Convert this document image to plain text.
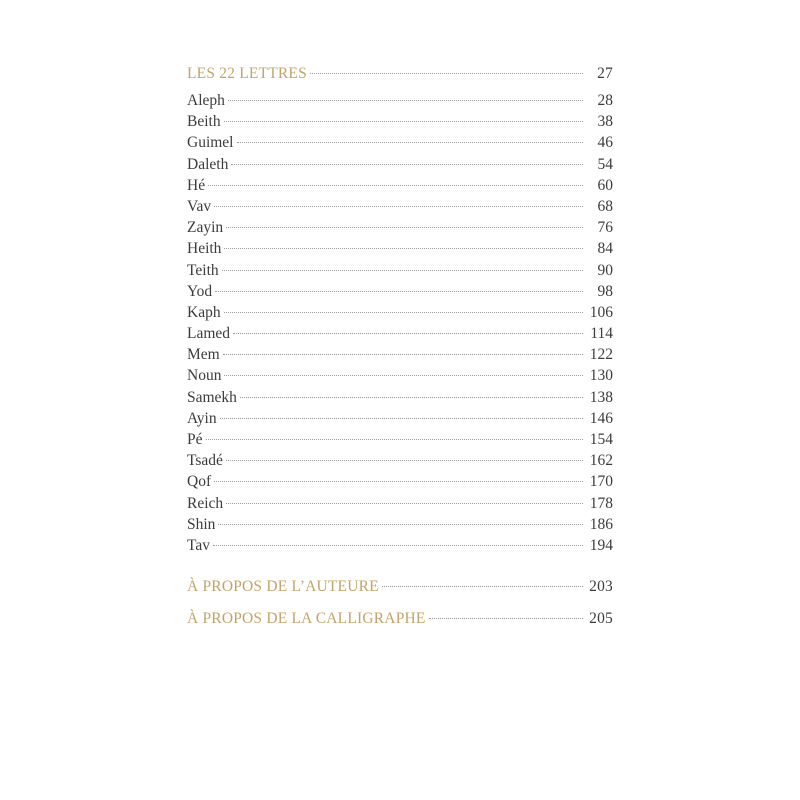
LES 22 LETTRES	27
Aleph	28
Beith	38
Guimel	46
Daleth	54
Hé	60
Vav	68
Zayin	76
Heith	84
Teith	90
Yod	98
Kaph	106
Lamed	114
Mem	122
Noun	130
Samekh	138
Ayin	146
Pé	154
Tsadé	162
Qof	170
Reich	178
Shin	186
Tav	194
À PROPOS DE L’AUTEURE	203
À PROPOS DE LA CALLIGRAPHE	205
